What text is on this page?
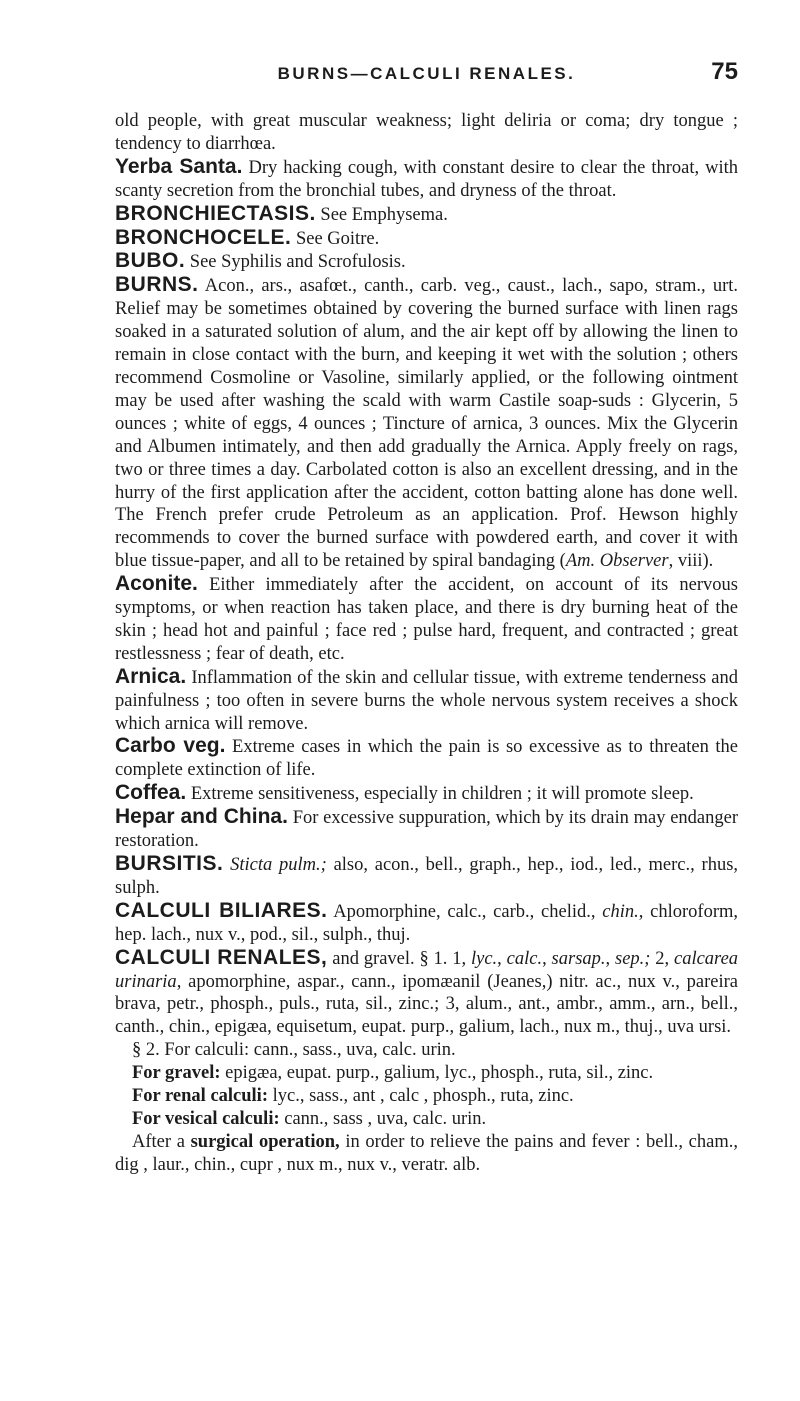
BURNS—CALCULI RENALES.	75

old people, with great muscular weakness; light deliria or coma; dry tongue ; tendency to diarrhœa.

Yerba Santa. Dry hacking cough, with constant desire to clear the throat, with scanty secretion from the bronchial tubes, and dryness of the throat.

BRONCHIECTASIS. See Emphysema.

BRONCHOCELE. See Goitre.

BUBO. See Syphilis and Scrofulosis.

BURNS. Acon., ars., asafœt., canth., carb. veg., caust., lach., sapo, stram., urt. Relief may be sometimes obtained by covering the burned surface with linen rags soaked in a saturated solution of alum, and the air kept off by allowing the linen to remain in close contact with the burn, and keeping it wet with the solution ; others recommend Cosmoline or Vasoline, similarly applied, or the following ointment may be used after washing the scald with warm Castile soap-suds : Glycerin, 5 ounces ; white of eggs, 4 ounces ; Tincture of arnica, 3 ounces. Mix the Glycerin and Albumen intimately, and then add gradually the Arnica. Apply freely on rags, two or three times a day. Carbolated cotton is also an excellent dressing, and in the hurry of the first application after the accident, cotton batting alone has done well. The French prefer crude Petroleum as an application. Prof. Hewson highly recommends to cover the burned surface with powdered earth, and cover it with blue tissue-paper, and all to be retained by spiral bandaging (Am. Observer, viii).

Aconite. Either immediately after the accident, on account of its nervous symptoms, or when reaction has taken place, and there is dry burning heat of the skin ; head hot and painful ; face red ; pulse hard, frequent, and contracted ; great restlessness ; fear of death, etc.

Arnica. Inflammation of the skin and cellular tissue, with extreme tenderness and painfulness ; too often in severe burns the whole nervous system receives a shock which arnica will remove.

Carbo veg. Extreme cases in which the pain is so excessive as to threaten the complete extinction of life.

Coffea. Extreme sensitiveness, especially in children ; it will promote sleep.

Hepar and China. For excessive suppuration, which by its drain may endanger restoration.

BURSITIS. Sticta pulm.; also, acon., bell., graph., hep., iod., led., merc., rhus, sulph.

CALCULI BILIARES. Apomorphine, calc., carb., chelid., chin., chloroform, hep. lach., nux v., pod., sil., sulph., thuj.

CALCULI RENALES, and gravel. § 1. 1, lyc., calc., sarsap., sep.; 2, calcarea urinaria, apomorphine, aspar., cann., ipomæanil (Jeanes,) nitr. ac., nux v., pareira brava, petr., phosph., puls., ruta, sil., zinc.; 3, alum., ant., ambr., amm., arn., bell., canth., chin., epigæa, equisetum, eupat. purp., galium, lach., nux m., thuj., uva ursi.

§ 2. For calculi: cann., sass., uva, calc. urin.

For gravel: epigæa, eupat. purp., galium, lyc., phosph., ruta, sil., zinc.

For renal calculi: lyc., sass., ant , calc , phosph., ruta, zinc.

For vesical calculi: cann., sass , uva, calc. urin.

After a surgical operation, in order to relieve the pains and fever : bell., cham., dig , laur., chin., cupr , nux m., nux v., veratr. alb.
